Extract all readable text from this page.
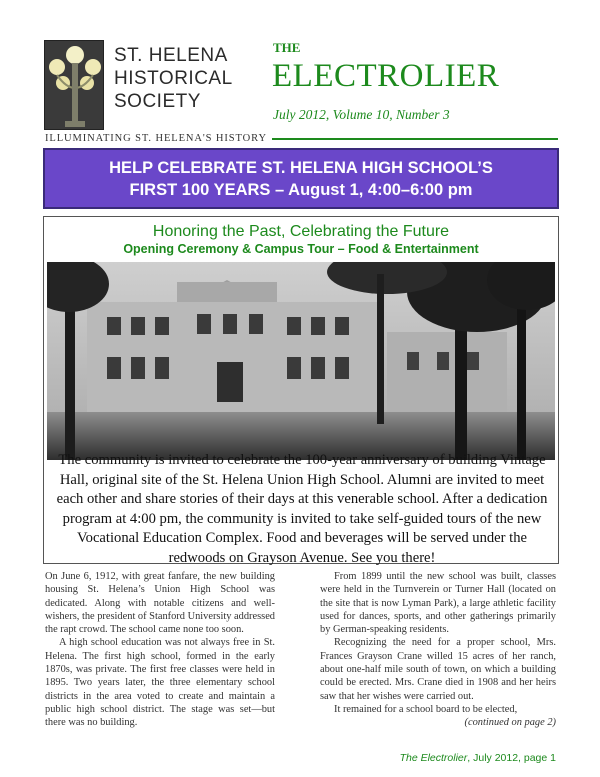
ST. HELENA
HISTORICAL
SOCIETY
ILLUMINATING ST. HELENA'S HISTORY
THE
ELECTROLIER
July 2012, Volume 10, Number 3
HELP CELEBRATE ST. HELENA HIGH SCHOOL’S
FIRST 100 YEARS – August 1, 4:00–6:00 pm
Honoring the Past, Celebrating the Future
Opening Ceremony & Campus Tour – Food & Entertainment
The community is invited to celebrate the 100-year anniversary of building Vintage Hall, original site of the St. Helena Union High School. Alumni are invited to meet each other and share stories of their days at this venerable school. After a dedication program at 4:00 pm, the community is invited to take self-guided tours of the new Vocational Education Complex. Food and beverages will be served under the redwoods on Grayson Avenue. See you there!

On June 6, 1912, with great fanfare, the new building housing St. Helena’s Union High School was dedicated. Along with notable citizens and well-wishers, the president of Stanford University addressed the rapt crowd. The school came none too soon.

A high school education was not always free in St. Helena. The first high school, formed in the early 1870s, was private. The first free classes were held in 1895. Two years later, the three elementary school districts in the area voted to create and maintain a public high school district. The stage was set—but there was no building.

From 1899 until the new school was built, classes were held in the Turnverein or Turner Hall (located on the site that is now Lyman Park), a large athletic facility used for dances, sports, and other gatherings primarily by German-speaking residents.

Recognizing the need for a proper school, Mrs. Frances Grayson Crane willed 15 acres of her ranch, about one-half mile south of town, on which a building could be erected. Mrs. Crane died in 1908 and her heirs saw that her wishes were carried out.

It remained for a school board to be elected,

(continued on page 2)
The Electrolier, July 2012, page 1
